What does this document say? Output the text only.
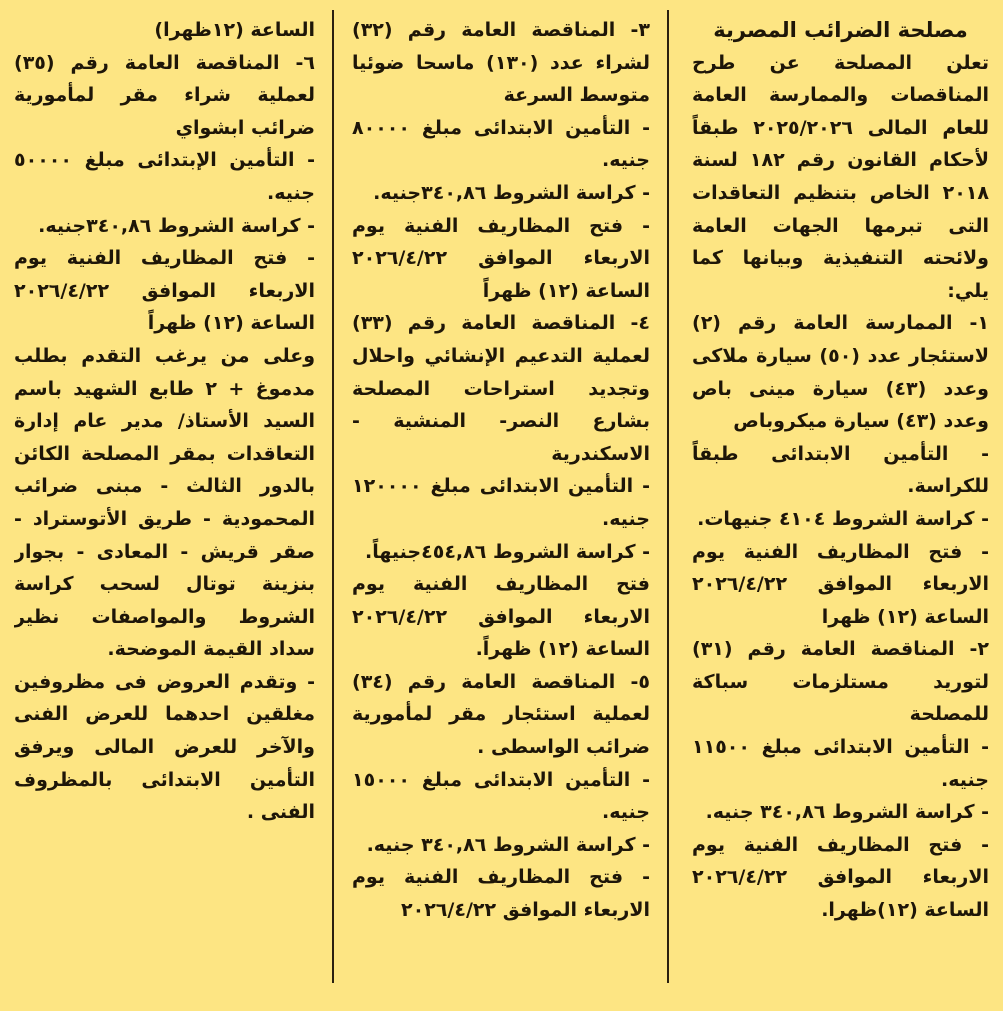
مصلحة الضرائب المصرية

تعلن المصلحة عن طرح المناقصات والممارسة العامة للعام المالى ٢٠٢٥/٢٠٢٦ طبقاً لأحكام القانون رقم ١٨٢ لسنة ٢٠١٨ الخاص بتنظيم التعاقدات التى تبرمها الجهات العامة ولائحته التنفيذية وبيانها كما يلي:

١- الممارسة العامة رقم (٢) لاستئجار عدد (٥٠) سيارة ملاكى وعدد (٤٣) سيارة مينى باص وعدد (٤٣) سيارة ميكروباص

- التأمين الابتدائى طبقاً للكراسة.

- كراسة الشروط ٤١٠٤ جنيهات.

- فتح المظاريف الفنية يوم الاربعاء الموافق ٢٠٢٦/٤/٢٢ الساعة (١٢) ظهرا

٢- المناقصة العامة رقم (٣١) لتوريد مستلزمات سباكة للمصلحة

- التأمين الابتدائى مبلغ ١١٥٠٠ جنيه.

- كراسة الشروط ٣٤٠,٨٦ جنيه.

- فتح المظاريف الفنية يوم الاربعاء الموافق ٢٠٢٦/٤/٢٢ الساعة (١٢)ظهرا.

٣- المناقصة العامة رقم (٣٢) لشراء عدد (١٣٠) ماسحا ضوئيا متوسط السرعة

- التأمين الابتدائى مبلغ ٨٠٠٠٠ جنيه.

- كراسة الشروط ٣٤٠,٨٦جنيه.

- فتح المظاريف الفنية يوم الاربعاء الموافق ٢٠٢٦/٤/٢٢ الساعة (١٢) ظهراً

٤- المناقصة العامة رقم (٣٣) لعملية التدعيم الإنشائي واحلال وتجديد استراحات المصلحة بشارع النصر- المنشية - الاسكندرية

- التأمين الابتدائى مبلغ ١٢٠٠٠٠ جنيه.

- كراسة الشروط ٤٥٤,٨٦جنيهاً.

فتح المظاريف الفنية يوم الاربعاء الموافق ٢٠٢٦/٤/٢٢ الساعة (١٢) ظهراً.

٥- المناقصة العامة رقم (٣٤) لعملية استئجار مقر لمأمورية ضرائب الواسطى .

- التأمين الابتدائى مبلغ ١٥٠٠٠ جنيه.

- كراسة الشروط ٣٤٠,٨٦ جنيه.

- فتح المظاريف الفنية يوم الاربعاء الموافق ٢٠٢٦/٤/٢٢

الساعة (١٢ظهرا)

٦- المناقصة العامة رقم (٣٥) لعملية شراء مقر لمأمورية ضرائب ابشواي

- التأمين الإبتدائى مبلغ ٥٠٠٠٠ جنيه.

- كراسة الشروط ٣٤٠,٨٦جنيه.

- فتح المظاريف الفنية يوم الاربعاء الموافق ٢٠٢٦/٤/٢٢ الساعة (١٢) ظهراً

وعلى من يرغب التقدم بطلب مدموغ + ٢ طابع الشهيد باسم السيد الأستاذ/ مدير عام إدارة التعاقدات بمقر المصلحة الكائن بالدور الثالث - مبنى ضرائب المحمودية - طريق الأتوستراد - صقر قريش - المعادى - بجوار بنزينة توتال لسحب كراسة الشروط والمواصفات نظير سداد القيمة الموضحة.

- وتقدم العروض فى مظروفين مغلقين احدهما للعرض الفنى والآخر للعرض المالى ويرفق التأمين الابتدائى بالمظروف الفنى .
